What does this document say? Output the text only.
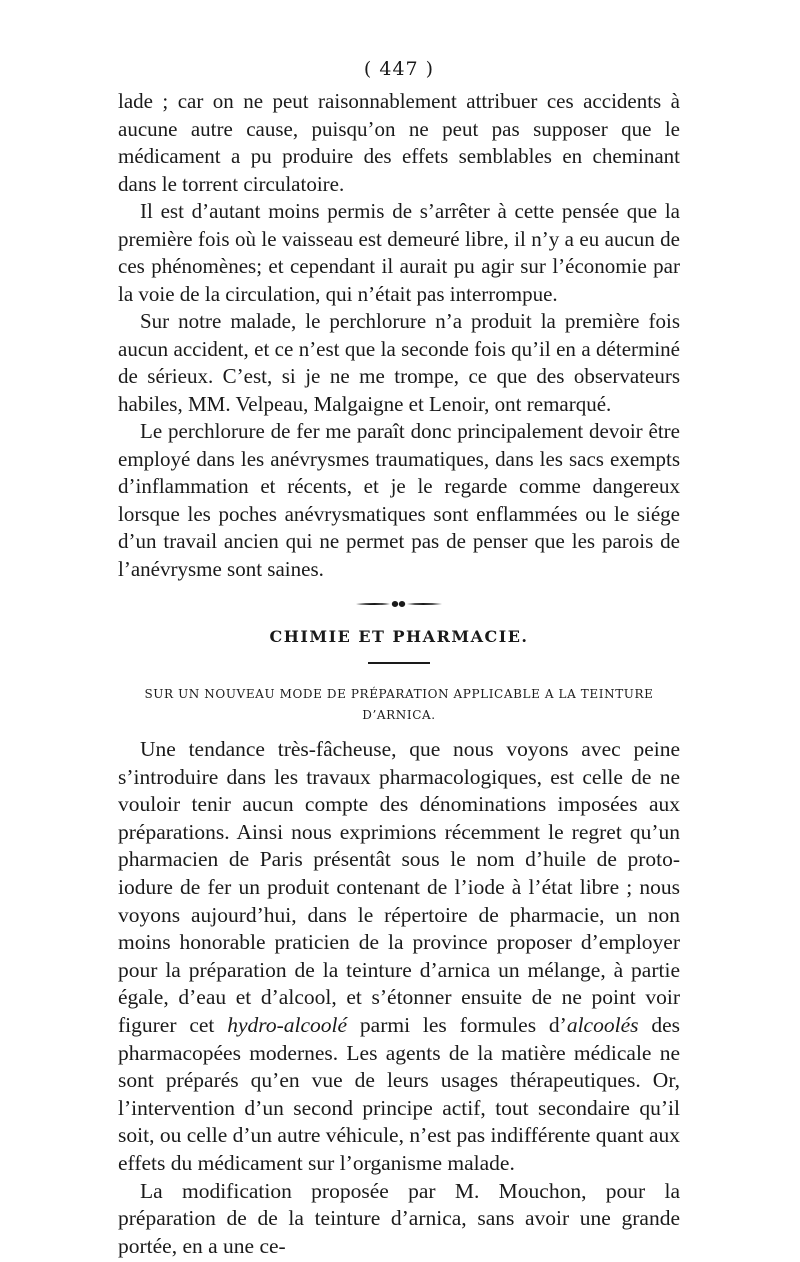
( 447 )

lade ; car on ne peut raisonnablement attribuer ces accidents à aucune autre cause, puisqu’on ne peut pas supposer que le médicament a pu produire des effets semblables en cheminant dans le torrent circulatoire.

Il est d’autant moins permis de s’arrêter à cette pensée que la première fois où le vaisseau est demeuré libre, il n’y a eu aucun de ces phénomènes; et cependant il aurait pu agir sur l’économie par la voie de la circulation, qui n’était pas interrompue.

Sur notre malade, le perchlorure n’a produit la première fois aucun accident, et ce n’est que la seconde fois qu’il en a déterminé de sérieux. C’est, si je ne me trompe, ce que des observateurs habiles, MM. Velpeau, Malgaigne et Lenoir, ont remarqué.

Le perchlorure de fer me paraît donc principalement devoir être employé dans les anévrysmes traumatiques, dans les sacs exempts d’inflammation et récents, et je le regarde comme dangereux lorsque les poches anévrysmatiques sont enflammées ou le siége d’un travail ancien qui ne permet pas de penser que les parois de l’anévrysme sont saines.

CHIMIE ET PHARMACIE.
SUR UN NOUVEAU MODE DE PRÉPARATION APPLICABLE A LA TEINTURE
D’ARNICA.

Une tendance très-fâcheuse, que nous voyons avec peine s’introduire dans les travaux pharmacologiques, est celle de ne vouloir tenir aucun compte des dénominations imposées aux préparations. Ainsi nous exprimions récemment le regret qu’un pharmacien de Paris présentât sous le nom d’huile de proto-iodure de fer un produit contenant de l’iode à l’état libre ; nous voyons aujourd’hui, dans le répertoire de pharmacie, un non moins honorable praticien de la province proposer d’employer pour la préparation de la teinture d’arnica un mélange, à partie égale, d’eau et d’alcool, et s’étonner ensuite de ne point voir figurer cet hydro-alcoolé parmi les formules d’alcoolés des pharmacopées modernes. Les agents de la matière médicale ne sont préparés qu’en vue de leurs usages thérapeutiques. Or, l’intervention d’un second principe actif, tout secondaire qu’il soit, ou celle d’un autre véhicule, n’est pas indifférente quant aux effets du médicament sur l’organisme malade.

La modification proposée par M. Mouchon, pour la préparation de de la teinture d’arnica, sans avoir une grande portée, en a une ce-
